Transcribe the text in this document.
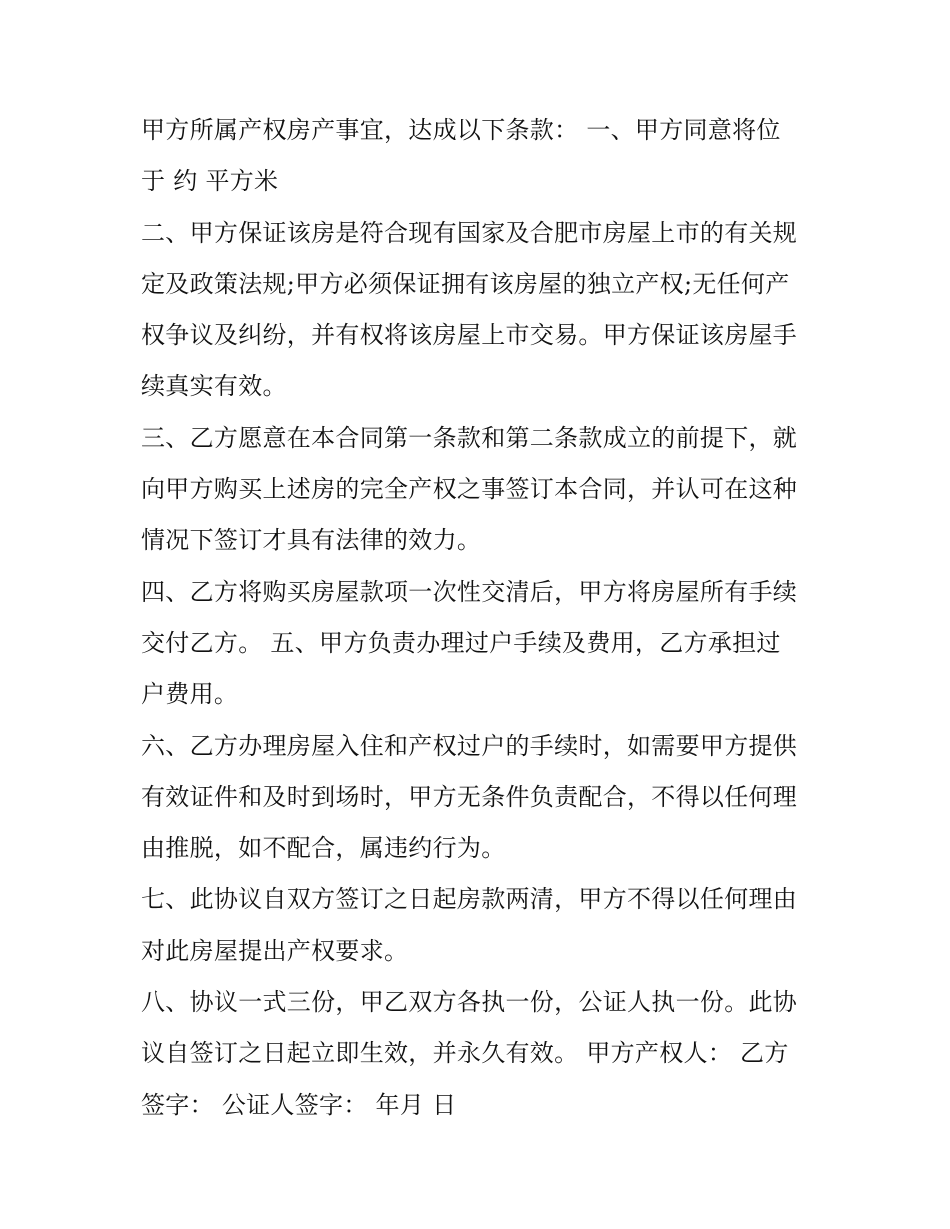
甲方所属产权房产事宜，达成以下条款： 一、甲方同意将位
于 约 平方米
二、甲方保证该房是符合现有国家及合肥市房屋上市的有关规
定及政策法规;甲方必须保证拥有该房屋的独立产权;无任何产
权争议及纠纷，并有权将该房屋上市交易。甲方保证该房屋手
续真实有效。
三、乙方愿意在本合同第一条款和第二条款成立的前提下，就
向甲方购买上述房的完全产权之事签订本合同，并认可在这种
情况下签订才具有法律的效力。
四、乙方将购买房屋款项一次性交清后，甲方将房屋所有手续
交付乙方。 五、甲方负责办理过户手续及费用，乙方承担过
户费用。
六、乙方办理房屋入住和产权过户的手续时，如需要甲方提供
有效证件和及时到场时，甲方无条件负责配合，不得以任何理
由推脱，如不配合，属违约行为。
七、此协议自双方签订之日起房款两清，甲方不得以任何理由
对此房屋提出产权要求。
八、协议一式三份，甲乙双方各执一份，公证人执一份。此协
议自签订之日起立即生效，并永久有效。 甲方产权人： 乙方
签字： 公证人签字： 年月 日
